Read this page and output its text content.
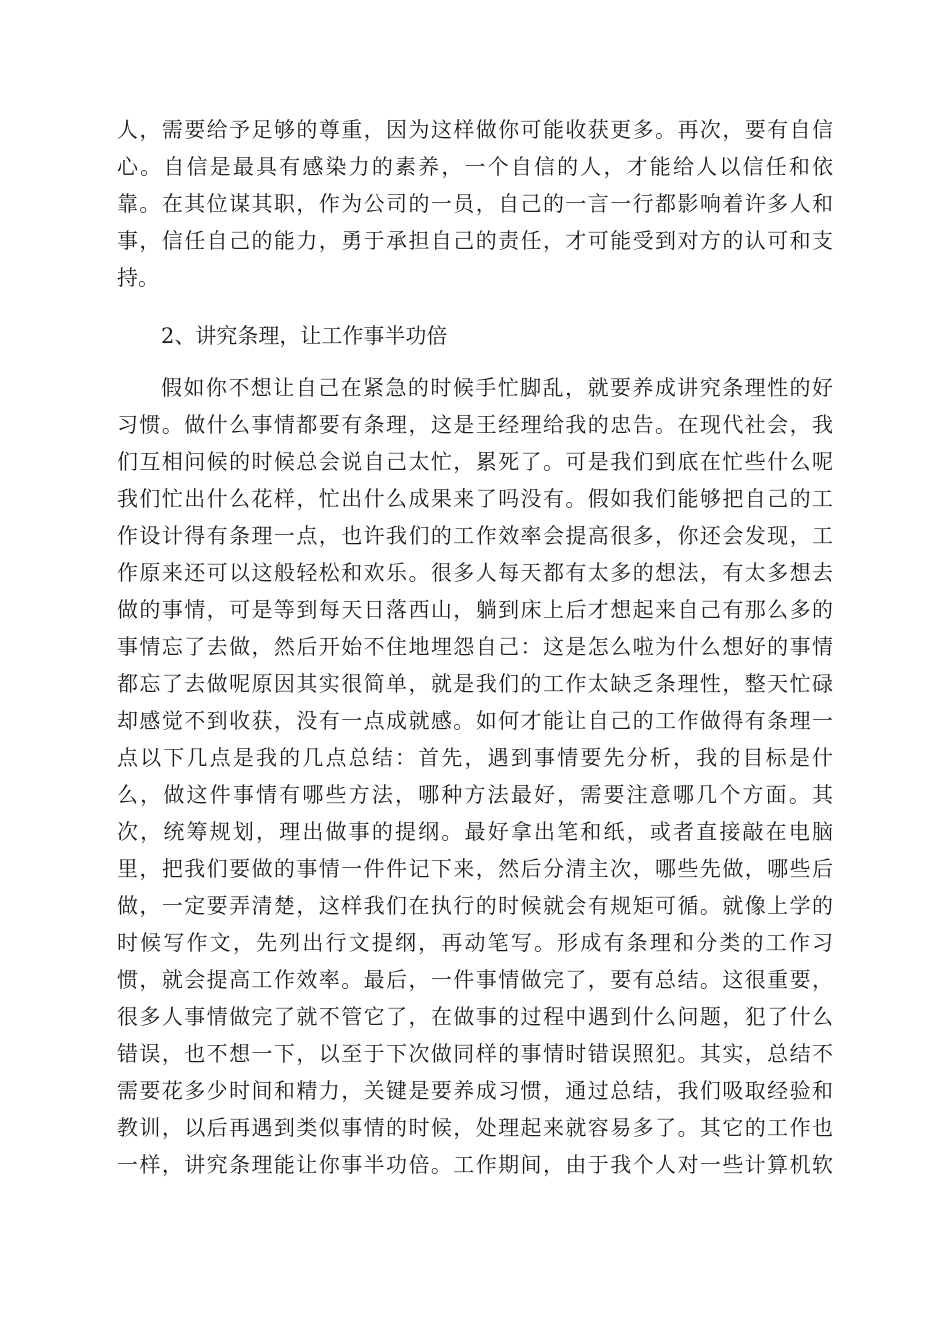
人，需要给予足够的尊重，因为这样做你可能收获更多。再次，要有自信
心。自信是最具有感染力的素养，一个自信的人，才能给人以信任和依
靠。在其位谋其职，作为公司的一员，自己的一言一行都影响着许多人和
事，信任自己的能力，勇于承担自己的责任，才可能受到对方的认可和支
持。
2、讲究条理，让工作事半功倍
假如你不想让自己在紧急的时候手忙脚乱，就要养成讲究条理性的好
习惯。做什么事情都要有条理，这是王经理给我的忠告。在现代社会，我
们互相问候的时候总会说自己太忙，累死了。可是我们到底在忙些什么呢
我们忙出什么花样，忙出什么成果来了吗没有。假如我们能够把自己的工
作设计得有条理一点，也许我们的工作效率会提高很多，你还会发现，工
作原来还可以这般轻松和欢乐。很多人每天都有太多的想法，有太多想去
做的事情，可是等到每天日落西山，躺到床上后才想起来自己有那么多的
事情忘了去做，然后开始不住地埋怨自己：这是怎么啦为什么想好的事情
都忘了去做呢原因其实很简单，就是我们的工作太缺乏条理性，整天忙碌
却感觉不到收获，没有一点成就感。如何才能让自己的工作做得有条理一
点以下几点是我的几点总结：首先，遇到事情要先分析，我的目标是什
么，做这件事情有哪些方法，哪种方法最好，需要注意哪几个方面。其
次，统筹规划，理出做事的提纲。最好拿出笔和纸，或者直接敲在电脑
里，把我们要做的事情一件件记下来，然后分清主次，哪些先做，哪些后
做，一定要弄清楚，这样我们在执行的时候就会有规矩可循。就像上学的
时候写作文，先列出行文提纲，再动笔写。形成有条理和分类的工作习
惯，就会提高工作效率。最后，一件事情做完了，要有总结。这很重要，
很多人事情做完了就不管它了，在做事的过程中遇到什么问题，犯了什么
错误，也不想一下，以至于下次做同样的事情时错误照犯。其实，总结不
需要花多少时间和精力，关键是要养成习惯，通过总结，我们吸取经验和
教训，以后再遇到类似事情的时候，处理起来就容易多了。其它的工作也
一样，讲究条理能让你事半功倍。工作期间，由于我个人对一些计算机软
